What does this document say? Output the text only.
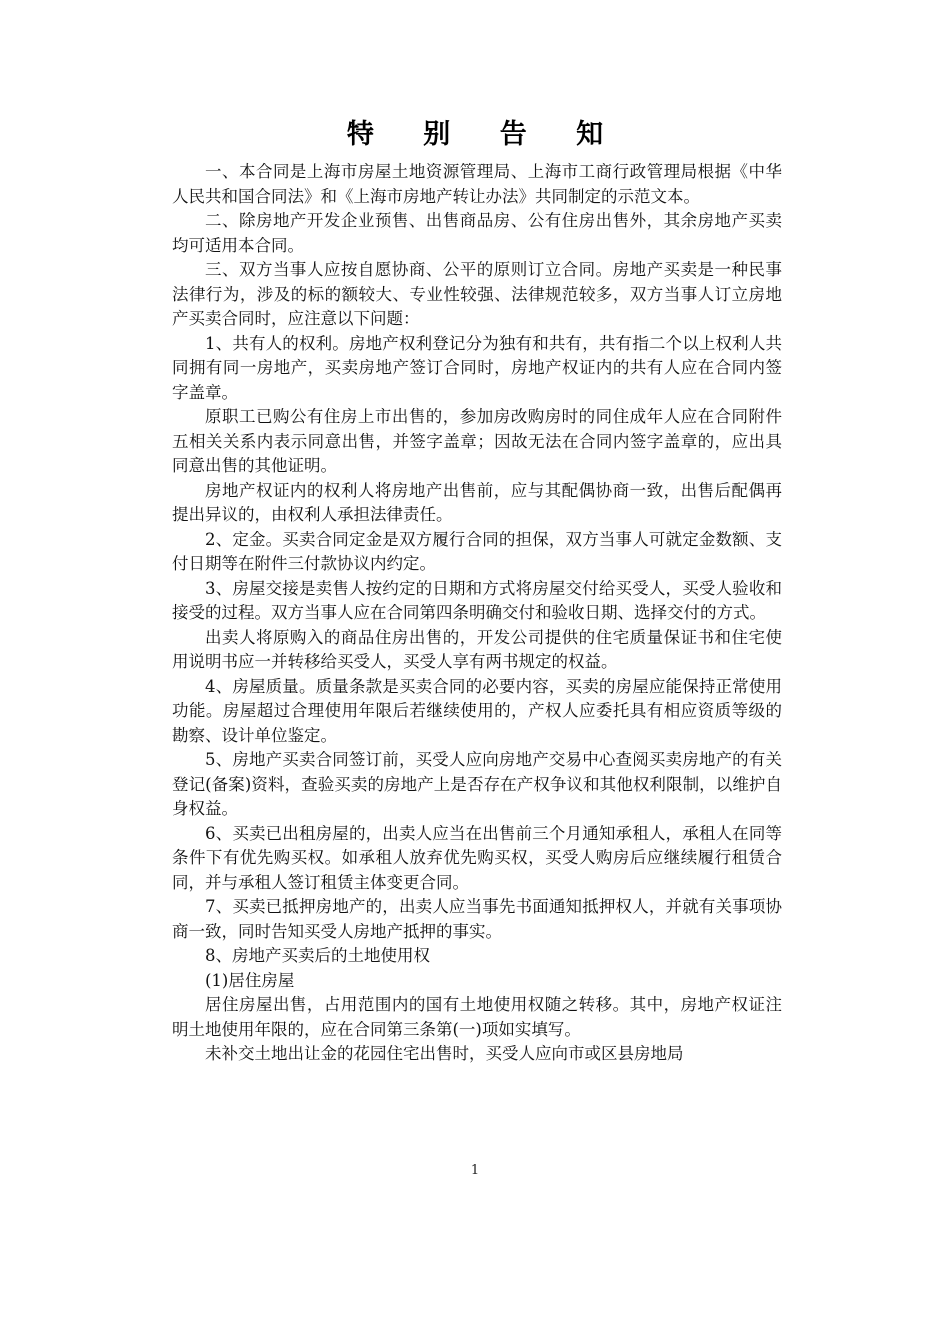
特 别 告 知

一、本合同是上海市房屋土地资源管理局、上海市工商行政管理局根据《中华人民共和国合同法》和《上海市房地产转让办法》共同制定的示范文本。

二、除房地产开发企业预售、出售商品房、公有住房出售外，其余房地产买卖均可适用本合同。

三、双方当事人应按自愿协商、公平的原则订立合同。房地产买卖是一种民事法律行为，涉及的标的额较大、专业性较强、法律规范较多，双方当事人订立房地产买卖合同时，应注意以下问题：

1、共有人的权利。房地产权利登记分为独有和共有，共有指二个以上权利人共同拥有同一房地产，买卖房地产签订合同时，房地产权证内的共有人应在合同内签字盖章。

原职工已购公有住房上市出售的，参加房改购房时的同住成年人应在合同附件五相关关系内表示同意出售，并签字盖章；因故无法在合同内签字盖章的，应出具同意出售的其他证明。

房地产权证内的权利人将房地产出售前，应与其配偶协商一致，出售后配偶再提出异议的，由权利人承担法律责任。

2、定金。买卖合同定金是双方履行合同的担保，双方当事人可就定金数额、支付日期等在附件三付款协议内约定。

3、房屋交接是卖售人按约定的日期和方式将房屋交付给买受人，买受人验收和接受的过程。双方当事人应在合同第四条明确交付和验收日期、选择交付的方式。

出卖人将原购入的商品住房出售的，开发公司提供的住宅质量保证书和住宅使用说明书应一并转移给买受人，买受人享有两书规定的权益。

4、房屋质量。质量条款是买卖合同的必要内容，买卖的房屋应能保持正常使用功能。房屋超过合理使用年限后若继续使用的，产权人应委托具有相应资质等级的勘察、设计单位鉴定。

5、房地产买卖合同签订前，买受人应向房地产交易中心查阅买卖房地产的有关登记(备案)资料，查验买卖的房地产上是否存在产权争议和其他权利限制，以维护自身权益。

6、买卖已出租房屋的，出卖人应当在出售前三个月通知承租人，承租人在同等条件下有优先购买权。如承租人放弃优先购买权，买受人购房后应继续履行租赁合同，并与承租人签订租赁主体变更合同。

7、买卖已抵押房地产的，出卖人应当事先书面通知抵押权人，并就有关事项协商一致，同时告知买受人房地产抵押的事实。

8、房地产买卖后的土地使用权

(1)居住房屋

居住房屋出售，占用范围内的国有土地使用权随之转移。其中，房地产权证注明土地使用年限的，应在合同第三条第(一)项如实填写。

未补交土地出让金的花园住宅出售时，买受人应向市或区县房地局

1
